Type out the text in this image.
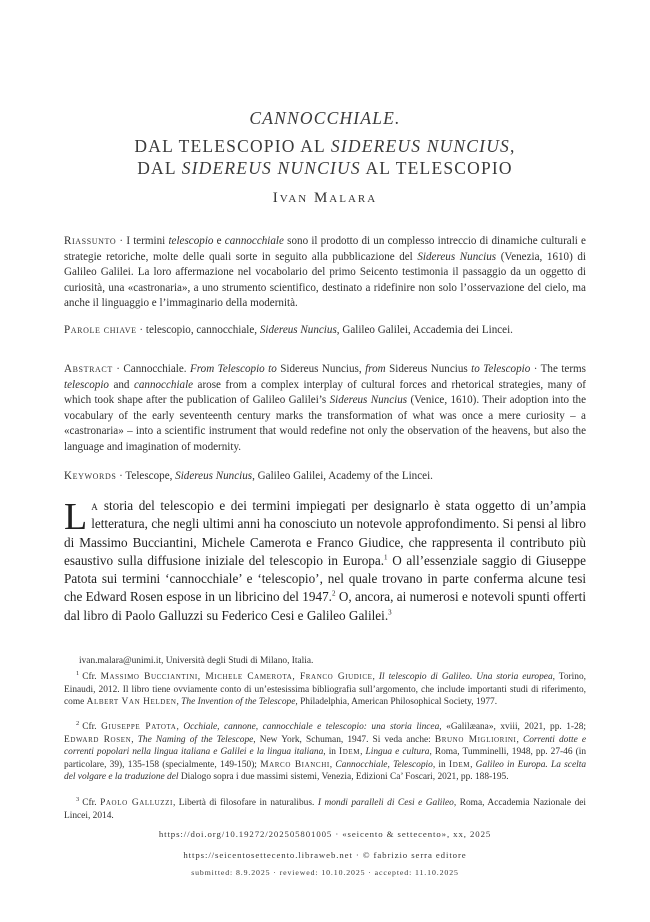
CANNOCCHIALE.
DAL TELESCOPIO AL SIDEREUS NUNCIUS,
DAL SIDEREUS NUNCIUS AL TELESCOPIO
Ivan Malara
Riassunto · I termini telescopio e cannocchiale sono il prodotto di un complesso intreccio di dinamiche culturali e strategie retoriche, molte delle quali sorte in seguito alla pubblicazione del Sidereus Nuncius (Venezia, 1610) di Galileo Galilei. La loro affermazione nel vocabolario del primo Seicento testimonia il passaggio da un oggetto di curiosità, una «castronaria», a uno strumento scientifico, destinato a ridefinire non solo l’osservazione del cielo, ma anche il linguaggio e l’immaginario della modernità.
Parole chiave · telescopio, cannocchiale, Sidereus Nuncius, Galileo Galilei, Accademia dei Lincei.
Abstract · Cannocchiale. From Telescopio to Sidereus Nuncius, from Sidereus Nuncius to Telescopio · The terms telescopio and cannocchiale arose from a complex interplay of cultural forces and rhetorical strategies, many of which took shape after the publication of Galileo Galilei’s Sidereus Nuncius (Venice, 1610). Their adoption into the vocabulary of the early seventeenth century marks the transformation of what was once a mere curiosity – a «castronaria» – into a scientific instrument that would redefine not only the observation of the heavens, but also the language and imagination of modernity.
Keywords · Telescope, Sidereus Nuncius, Galileo Galilei, Academy of the Lincei.
La storia del telescopio e dei termini impiegati per designarlo è stata oggetto di un’ampia letteratura, che negli ultimi anni ha conosciuto un notevole approfondimento. Si pensi al libro di Massimo Bucciantini, Michele Camerota e Franco Giudice, che rappresenta il contributo più esaustivo sulla diffusione iniziale del telescopio in Europa.$^1$ O all’essenziale saggio di Giuseppe Patota sui termini ‘cannocchiale’ e ‘telescopio’, nel quale trovano in parte conferma alcune tesi che Edward Rosen espose in un libricino del 1947.$^2$ O, ancora, ai numerosi e notevoli spunti offerti dal libro di Paolo Galluzzi su Federico Cesi e Galileo Galilei.$^3$
ivan.malara@unimi.it, Università degli Studi di Milano, Italia.
$^1$ Cfr. Massimo Bucciantini, Michele Camerota, Franco Giudice, Il telescopio di Galileo. Una storia europea, Torino, Einaudi, 2012. Il libro tiene ovviamente conto di un’estesissima bibliografia sull’argomento, che include importanti studi di riferimento, come Albert Van Helden, The Invention of the Telescope, Philadelphia, American Philosophical Society, 1977.
$^2$ Cfr. Giuseppe Patota, Occhiale, cannone, cannocchiale e telescopio: una storia lincea, «Galilæana», xviii, 2021, pp. 1-28; Edward Rosen, The Naming of the Telescope, New York, Schuman, 1947. Si veda anche: Bruno Migliorini, Correnti dotte e correnti popolari nella lingua italiana e Galilei e la lingua italiana, in Idem, Lingua e cultura, Roma, Tumminelli, 1948, pp. 27-46 (in particolare, 39), 135-158 (specialmente, 149-150); Marco Bianchi, Cannocchiale, Telescopio, in Idem, Galileo in Europa. La scelta del volgare e la traduzione del Dialogo sopra i due massimi sistemi, Venezia, Edizioni Ca’ Foscari, 2021, pp. 188-195.
$^3$ Cfr. Paolo Galluzzi, Libertà di filosofare in naturalibus. I mondi paralleli di Cesi e Galileo, Roma, Accademia Nazionale dei Lincei, 2014.
https://doi.org/10.19272/202505801005 · «seicento & settecento», xx, 2025
https://seicentosettecento.libraweb.net · © fabrizio serra editore
submitted: 8.9.2025 · reviewed: 10.10.2025 · accepted: 11.10.2025
